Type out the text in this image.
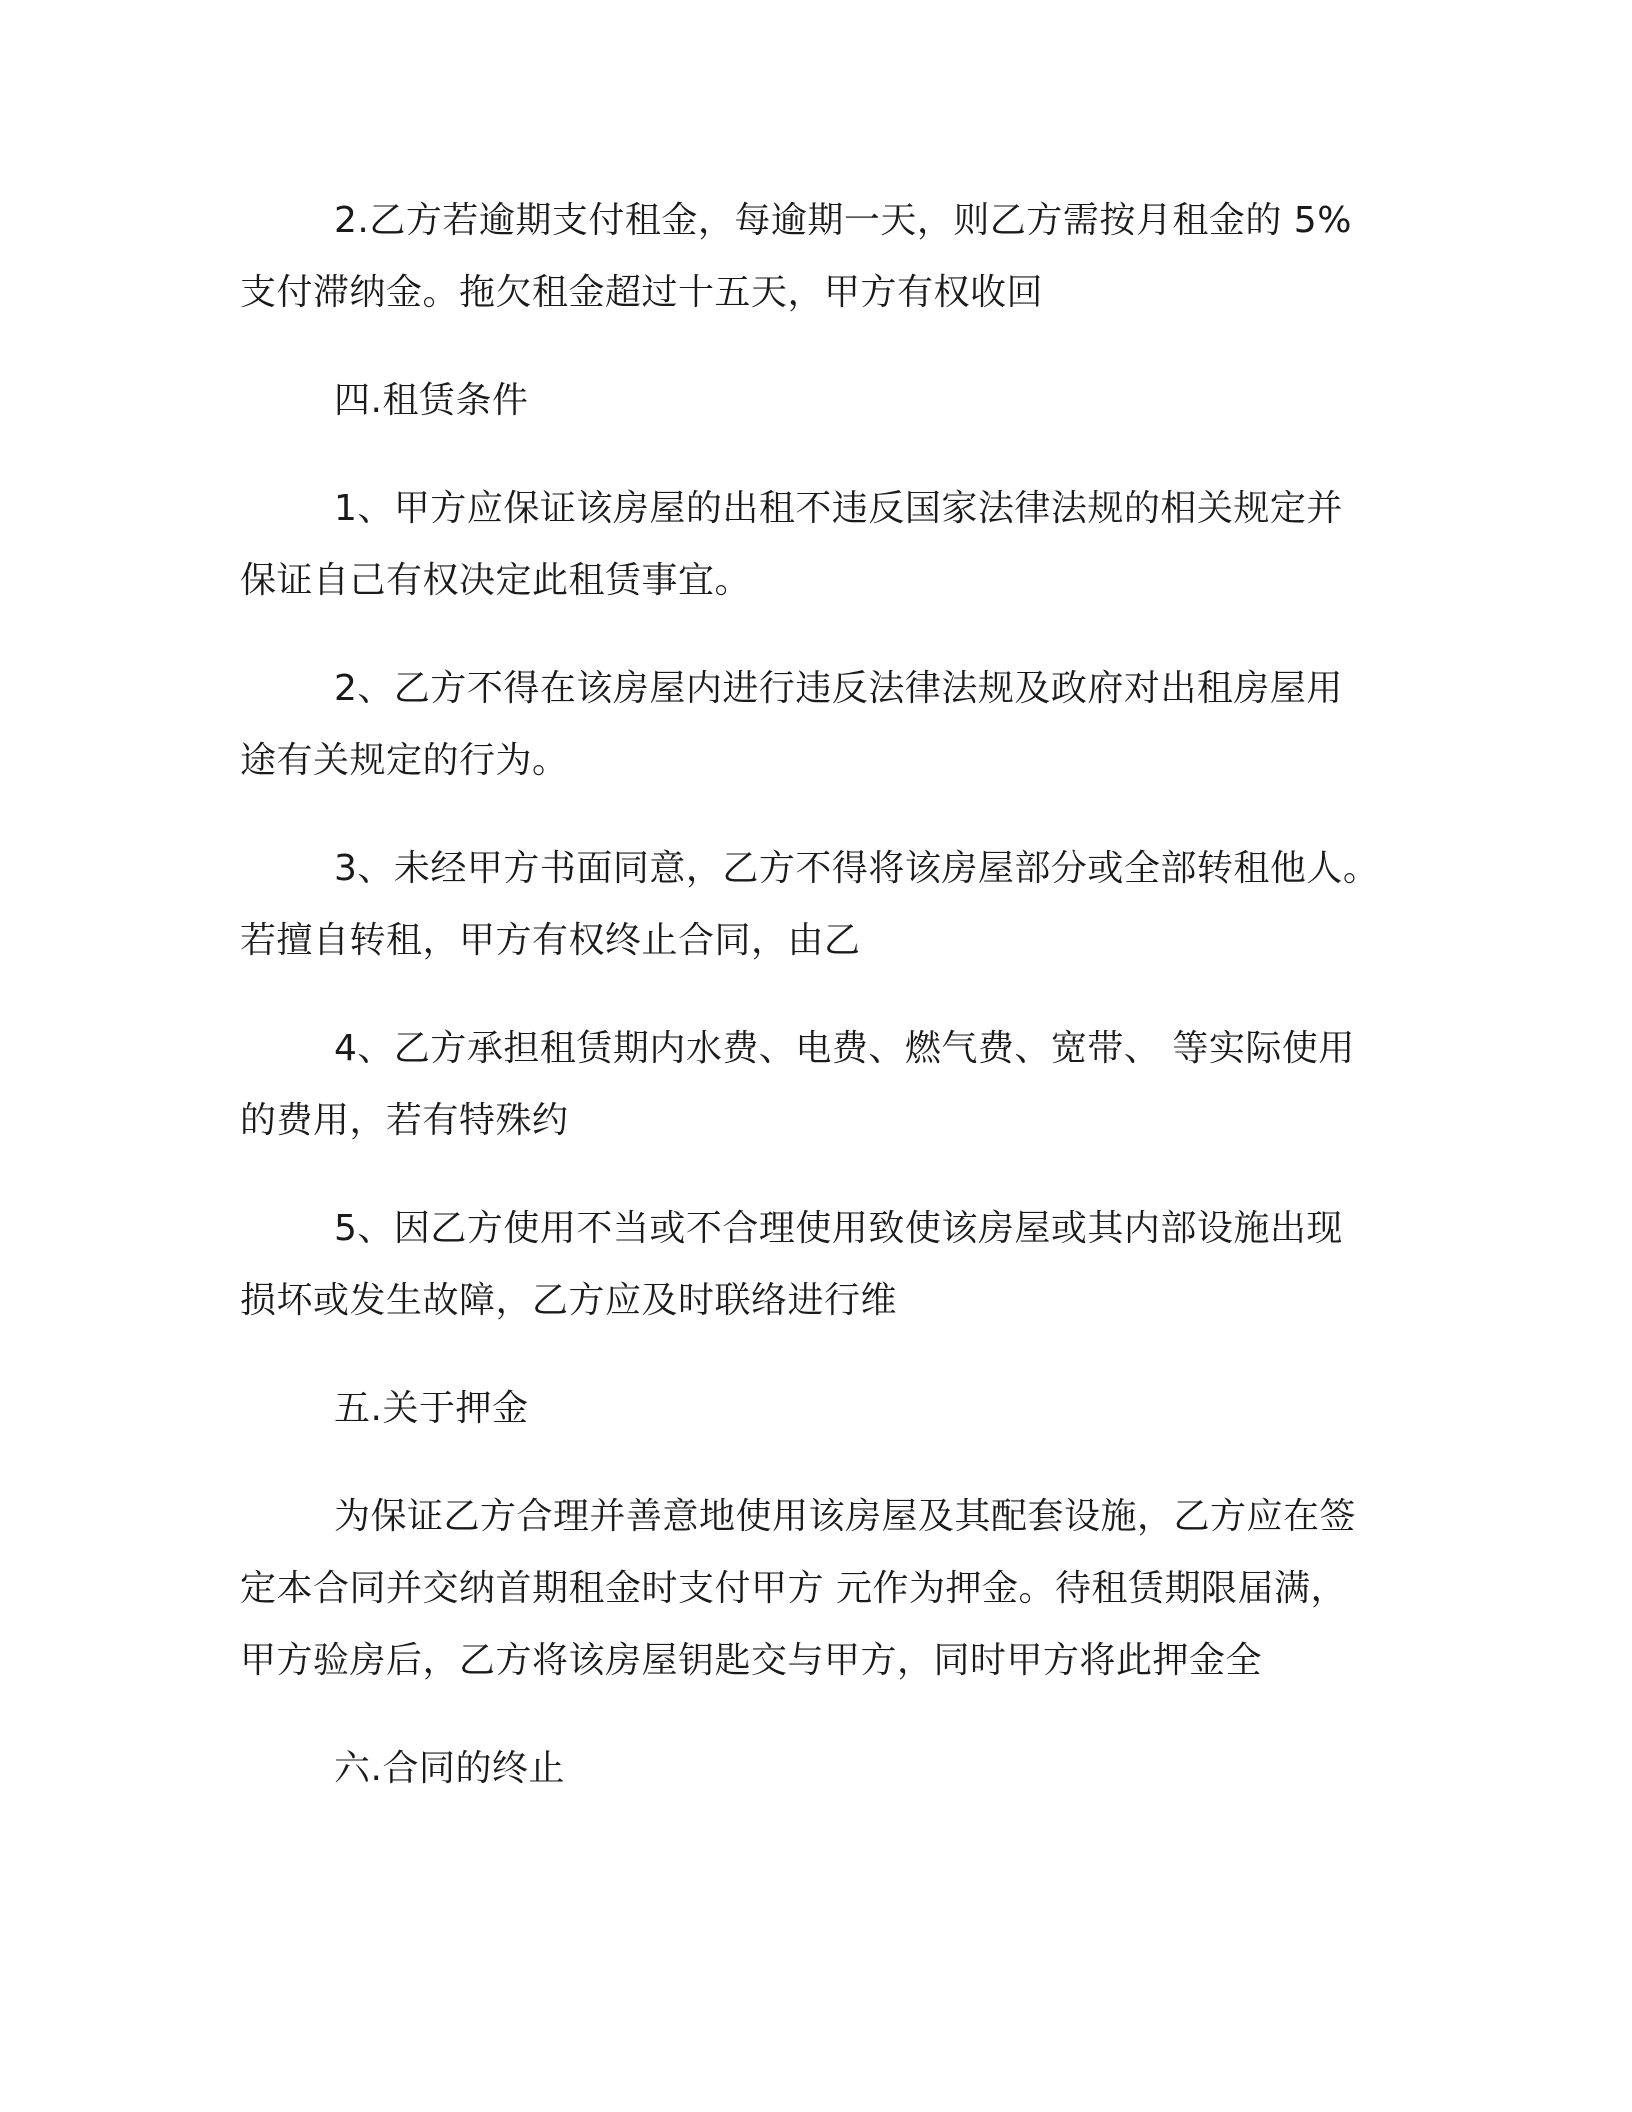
2.乙方若逾期支付租金，每逾期一天，则乙方需按月租金的 5%
支付滞纳金。拖欠租金超过十五天，甲方有权收回

四.租赁条件

1、甲方应保证该房屋的出租不违反国家法律法规的相关规定并
保证自己有权决定此租赁事宜。

2、乙方不得在该房屋内进行违反法律法规及政府对出租房屋用
途有关规定的行为。

3、未经甲方书面同意，乙方不得将该房屋部分或全部转租他人。
若擅自转租，甲方有权终止合同，由乙

4、乙方承担租赁期内水费、电费、燃气费、宽带、 等实际使用
的费用，若有特殊约

5、因乙方使用不当或不合理使用致使该房屋或其内部设施出现
损坏或发生故障，乙方应及时联络进行维

五.关于押金

为保证乙方合理并善意地使用该房屋及其配套设施，乙方应在签
定本合同并交纳首期租金时支付甲方 元作为押金。待租赁期限届满，
甲方验房后，乙方将该房屋钥匙交与甲方，同时甲方将此押金全

六.合同的终止
